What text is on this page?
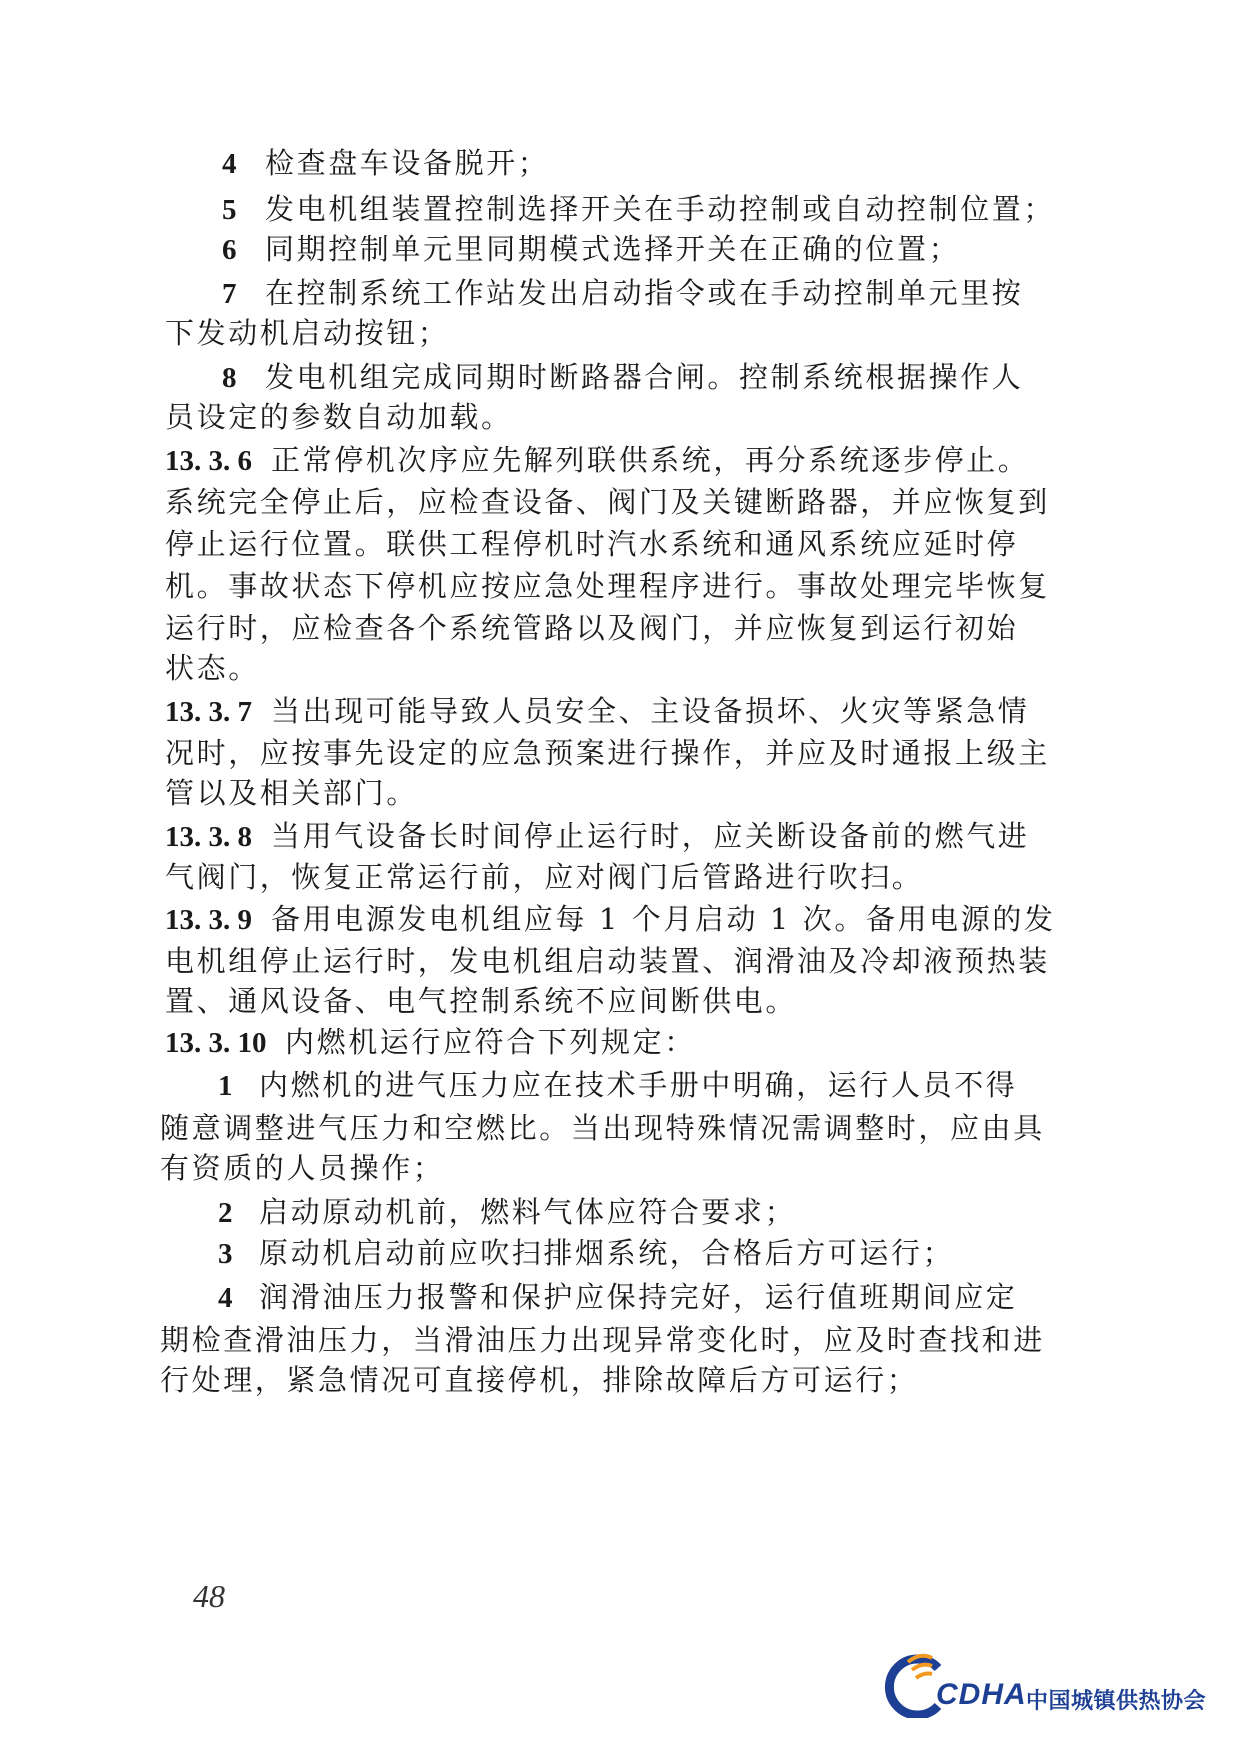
4 检查盘车设备脱开；
5 发电机组装置控制选择开关在手动控制或自动控制位置；
6 同期控制单元里同期模式选择开关在正确的位置；
7 在控制系统工作站发出启动指令或在手动控制单元里按
下发动机启动按钮；
8 发电机组完成同期时断路器合闸。控制系统根据操作人
员设定的参数自动加载。
13. 3. 6 正常停机次序应先解列联供系统，再分系统逐步停止。
系统完全停止后，应检查设备、阀门及关键断路器，并应恢复到
停止运行位置。联供工程停机时汽水系统和通风系统应延时停
机。事故状态下停机应按应急处理程序进行。事故处理完毕恢复
运行时，应检查各个系统管路以及阀门，并应恢复到运行初始
状态。
13. 3. 7 当出现可能导致人员安全、主设备损坏、火灾等紧急情
况时，应按事先设定的应急预案进行操作，并应及时通报上级主
管以及相关部门。
13. 3. 8 当用气设备长时间停止运行时，应关断设备前的燃气进
气阀门，恢复正常运行前，应对阀门后管路进行吹扫。
13. 3. 9 备用电源发电机组应每 1 个月启动 1 次。备用电源的发
电机组停止运行时，发电机组启动装置、润滑油及冷却液预热装
置、通风设备、电气控制系统不应间断供电。
13. 3. 10 内燃机运行应符合下列规定：
1 内燃机的进气压力应在技术手册中明确，运行人员不得
随意调整进气压力和空燃比。当出现特殊情况需调整时，应由具
有资质的人员操作；
2 启动原动机前，燃料气体应符合要求；
3 原动机启动前应吹扫排烟系统，合格后方可运行；
4 润滑油压力报警和保护应保持完好，运行值班期间应定
期检查滑油压力，当滑油压力出现异常变化时，应及时查找和进
行处理，紧急情况可直接停机，排除故障后方可运行；
48
CDHA 中国城镇供热协会
